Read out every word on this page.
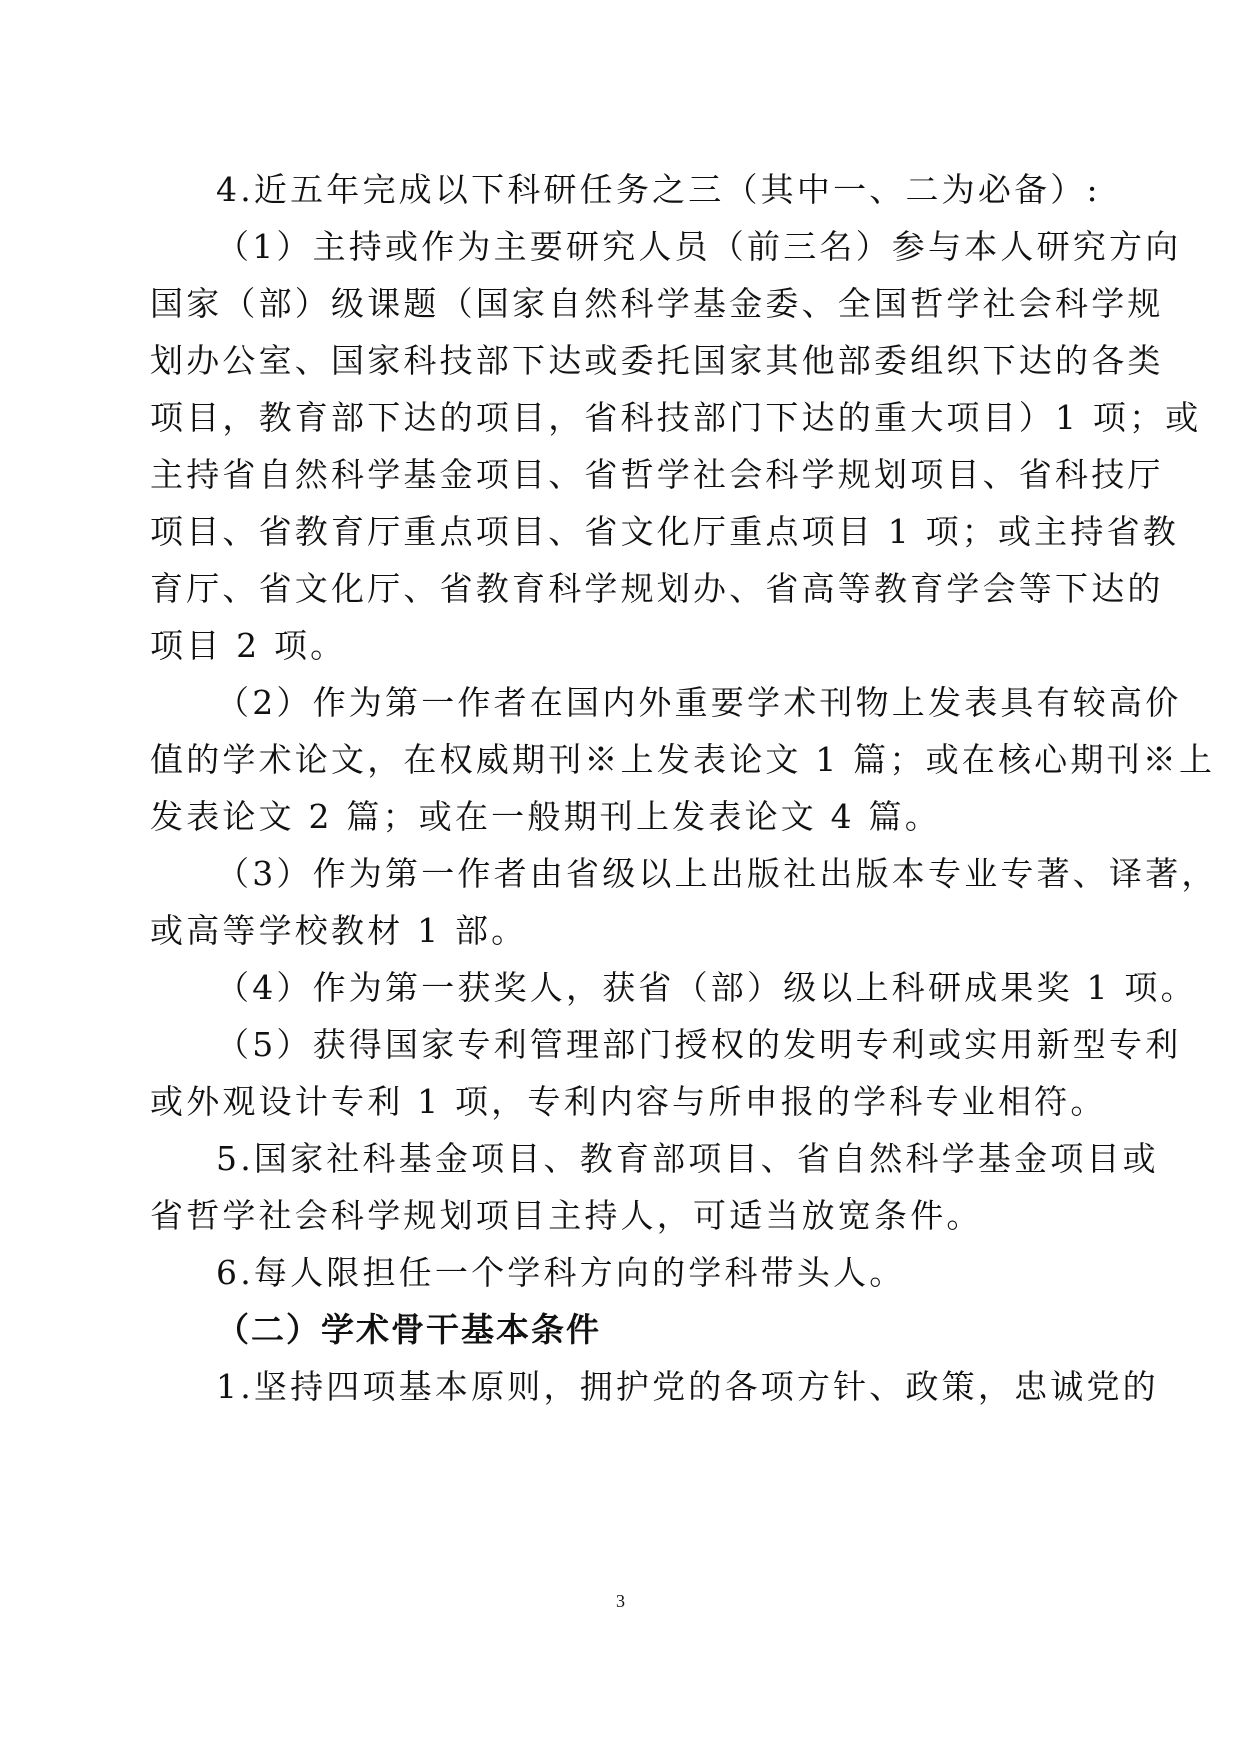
4.近五年完成以下科研任务之三（其中一、二为必备）:
（1）主持或作为主要研究人员（前三名）参与本人研究方向
国家（部）级课题（国家自然科学基金委、全国哲学社会科学规
划办公室、国家科技部下达或委托国家其他部委组织下达的各类
项目，教育部下达的项目，省科技部门下达的重大项目）1 项；或
主持省自然科学基金项目、省哲学社会科学规划项目、省科技厅
项目、省教育厅重点项目、省文化厅重点项目 1 项；或主持省教
育厅、省文化厅、省教育科学规划办、省高等教育学会等下达的
项目 2 项。
（2）作为第一作者在国内外重要学术刊物上发表具有较高价
值的学术论文，在权威期刊※上发表论文 1 篇；或在核心期刊※上
发表论文 2 篇；或在一般期刊上发表论文 4 篇。
（3）作为第一作者由省级以上出版社出版本专业专著、译著，
或高等学校教材 1 部。
（4）作为第一获奖人，获省（部）级以上科研成果奖 1 项。
（5）获得国家专利管理部门授权的发明专利或实用新型专利
或外观设计专利 1 项，专利内容与所申报的学科专业相符。
5.国家社科基金项目、教育部项目、省自然科学基金项目或
省哲学社会科学规划项目主持人，可适当放宽条件。
6.每人限担任一个学科方向的学科带头人。
（二）学术骨干基本条件
1.坚持四项基本原则，拥护党的各项方针、政策，忠诚党的
3
